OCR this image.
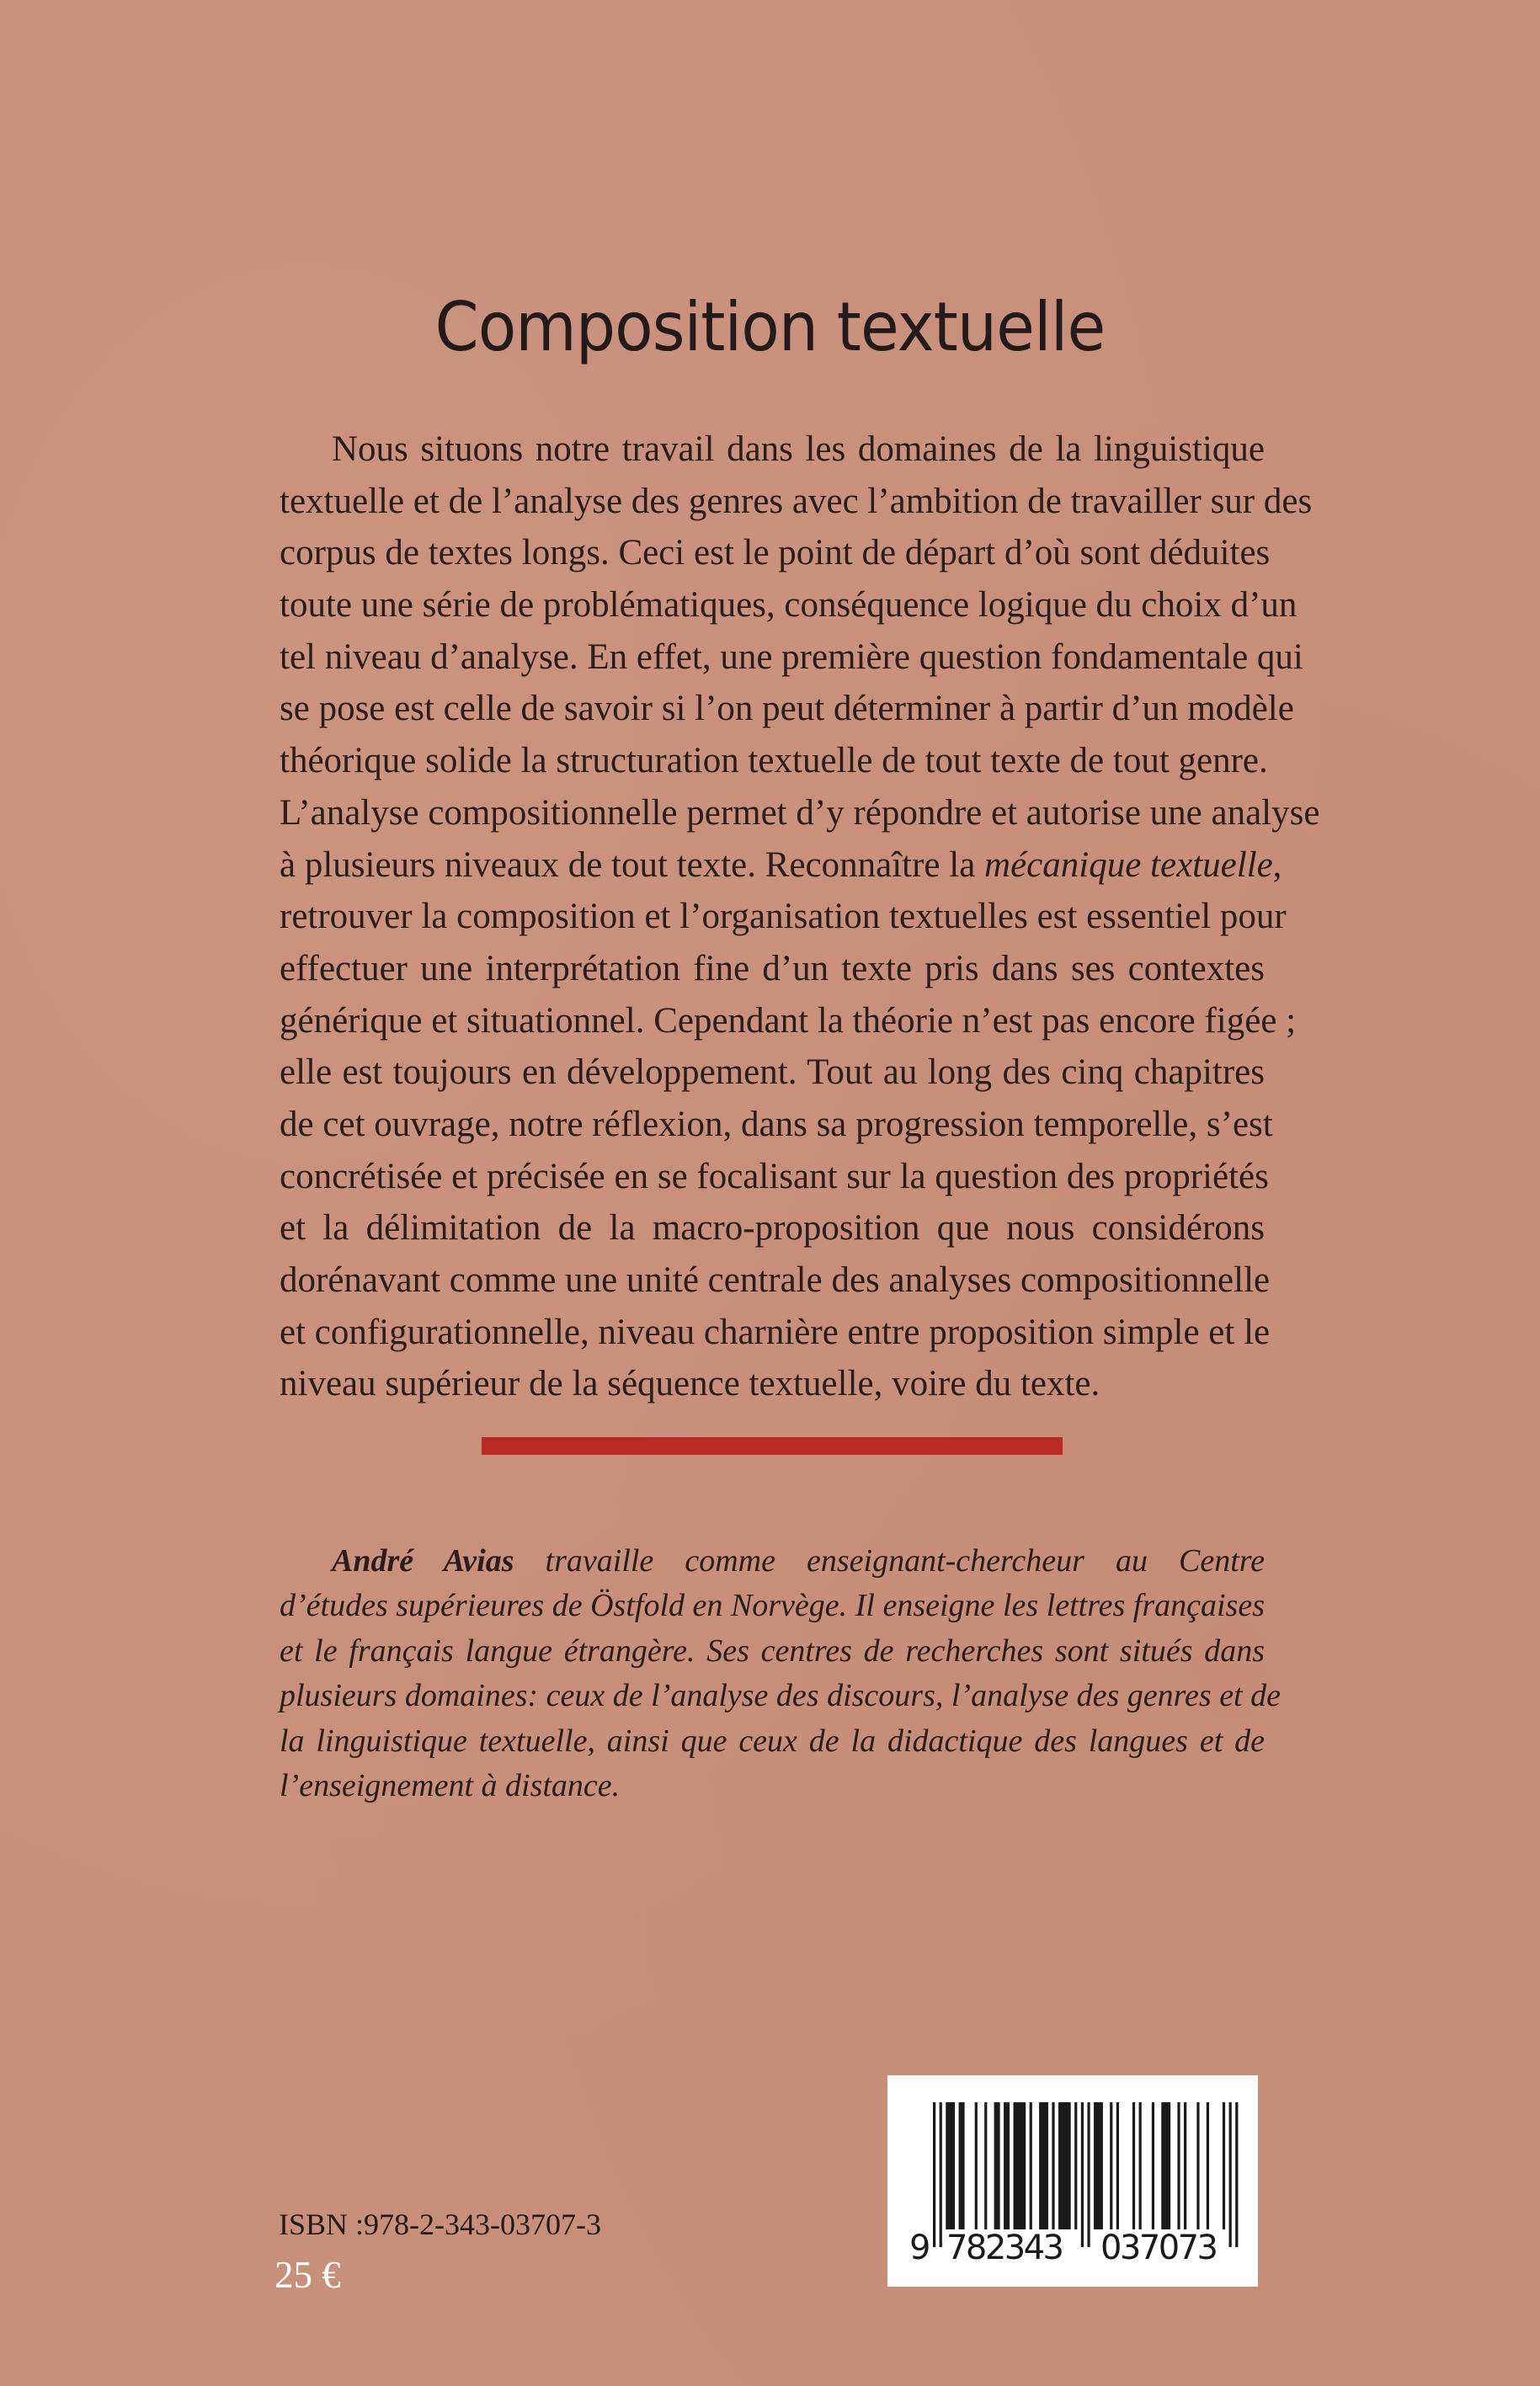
Composition textuelle
Nous situons notre travail dans les domaines de la linguistique
textuelle et de l’analyse des genres avec l’ambition de travailler sur des
corpus de textes longs. Ceci est le point de départ d’où sont déduites
toute une série de problématiques, conséquence logique du choix d’un
tel niveau d’analyse. En effet, une première question fondamentale qui
se pose est celle de savoir si l’on peut déterminer à partir d’un modèle
théorique solide la structuration textuelle de tout texte de tout genre.
L’analyse compositionnelle permet d’y répondre et autorise une analyse
à plusieurs niveaux de tout texte. Reconnaître la mécanique textuelle,
retrouver la composition et l’organisation textuelles est essentiel pour
effectuer une interprétation fine d’un texte pris dans ses contextes
générique et situationnel. Cependant la théorie n’est pas encore figée ;
elle est toujours en développement. Tout au long des cinq chapitres
de cet ouvrage, notre réflexion, dans sa progression temporelle, s’est
concrétisée et précisée en se focalisant sur la question des propriétés
et la délimitation de la macro-proposition que nous considérons
dorénavant comme une unité centrale des analyses compositionnelle
et configurationnelle, niveau charnière entre proposition simple et le
niveau supérieur de la séquence textuelle, voire du texte.
André Avias travaille comme enseignant-chercheur au Centre
d’études supérieures de Östfold en Norvège. Il enseigne les lettres françaises
et le français langue étrangère. Ses centres de recherches sont situés dans
plusieurs domaines: ceux de l’analyse des discours, l’analyse des genres et de
la linguistique textuelle, ainsi que ceux de la didactique des langues et de
l’enseignement à distance.
ISBN :978-2-343-03707-3
25 €
9 782343 037073
